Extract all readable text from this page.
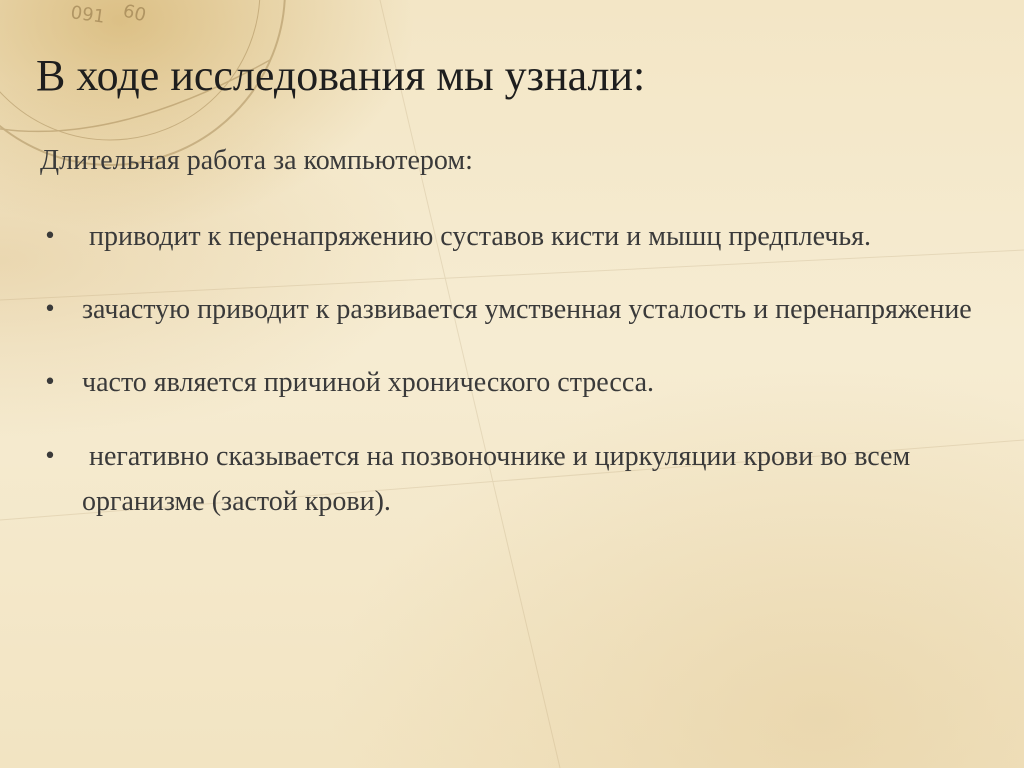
091 60
В ходе исследования мы узнали:
Длительная работа за компьютером:
• приводит к перенапряжению суставов кисти и мышц предплечья.
• зачастую приводит к развивается умственная усталость и перенапряжение
• часто является причиной хронического стресса.
• негативно сказывается на позвоночнике и циркуляции крови во всем организме (застой крови).
